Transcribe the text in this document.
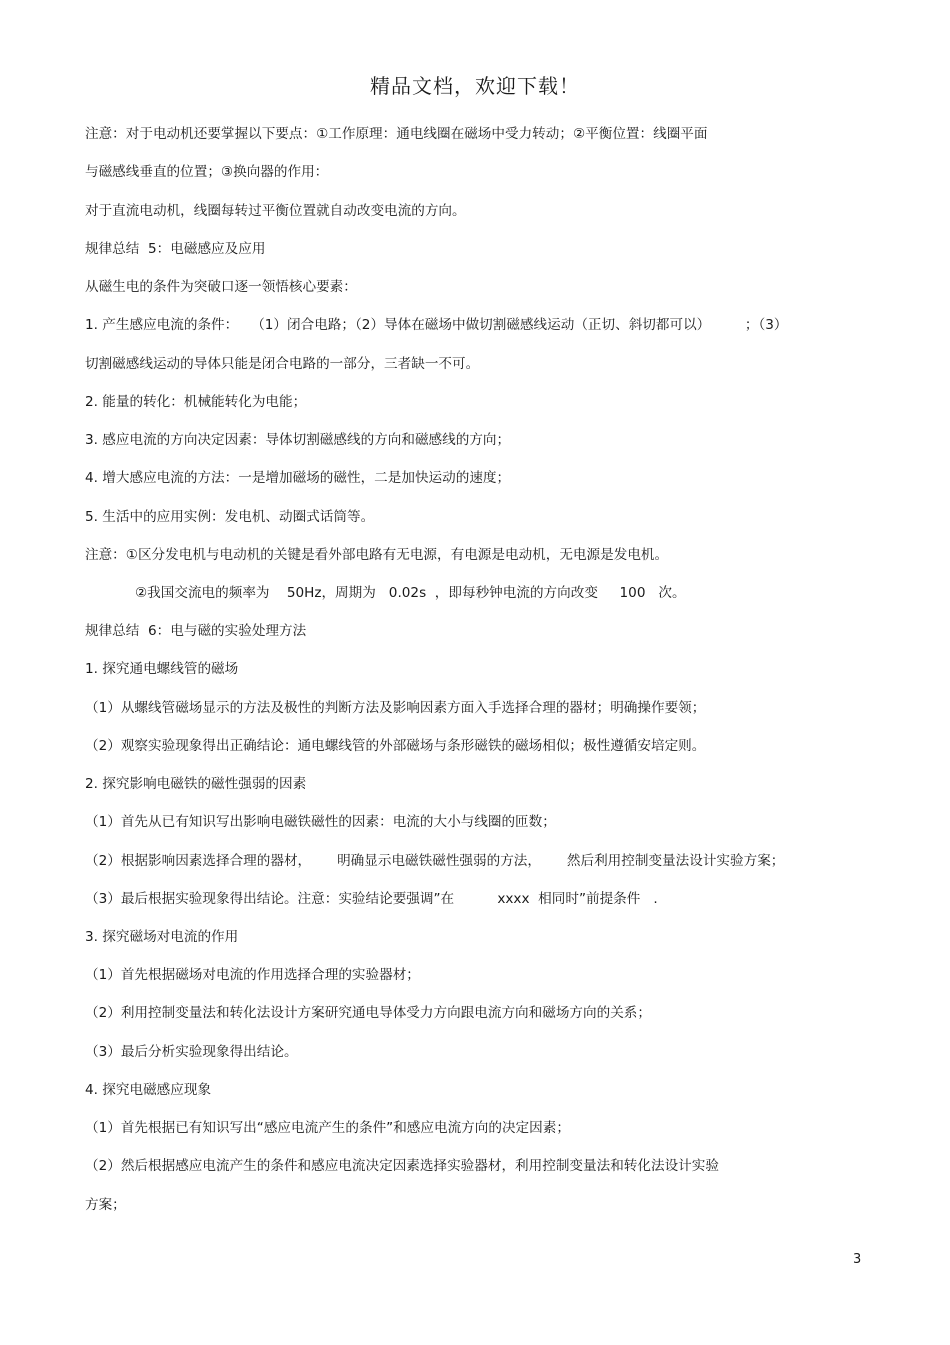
精品文档，欢迎下载！
注意：对于电动机还要掌握以下要点：①工作原理：通电线圈在磁场中受力转动；②平衡位置：线圈平面
与磁感线垂直的位置；③换向器的作用：
对于直流电动机，线圈每转过平衡位置就自动改变电流的方向。
规律总结  5：电磁感应及应用
从磁生电的条件为突破口逐一领悟核心要素：
1. 产生感应电流的条件：   （1）闭合电路；（2）导体在磁场中做切割磁感线运动（正切、斜切都可以）        ；（3）
切割磁感线运动的导体只能是闭合电路的一部分，三者缺一不可。
2. 能量的转化：机械能转化为电能；
3. 感应电流的方向决定因素：导体切割磁感线的方向和磁感线的方向；
4. 增大感应电流的方法：一是增加磁场的磁性，二是加快运动的速度；
5. 生活中的应用实例：发电机、动圈式话筒等。
注意：①区分发电机与电动机的关键是看外部电路有无电源，有电源是电动机，无电源是发电机。
②我国交流电的频率为    50Hz，周期为   0.02s  ，即每秒钟电流的方向改变     100   次。
规律总结  6：电与磁的实验处理方法
1. 探究通电螺线管的磁场
（1）从螺线管磁场显示的方法及极性的判断方法及影响因素方面入手选择合理的器材；明确操作要领；
（2）观察实验现象得出正确结论：通电螺线管的外部磁场与条形磁铁的磁场相似；极性遵循安培定则。
2. 探究影响电磁铁的磁性强弱的因素
（1）首先从已有知识写出影响电磁铁磁性的因素：电流的大小与线圈的匝数；
（2）根据影响因素选择合理的器材，      明确显示电磁铁磁性强弱的方法，      然后利用控制变量法设计实验方案；
（3）最后根据实验现象得出结论。注意：实验结论要强调”在          xxxx  相同时”前提条件   .
3. 探究磁场对电流的作用
（1）首先根据磁场对电流的作用选择合理的实验器材；
（2）利用控制变量法和转化法设计方案研究通电导体受力方向跟电流方向和磁场方向的关系；
（3）最后分析实验现象得出结论。
4. 探究电磁感应现象
（1）首先根据已有知识写出“感应电流产生的条件”和感应电流方向的决定因素；
（2）然后根据感应电流产生的条件和感应电流决定因素选择实验器材，利用控制变量法和转化法设计实验
方案；
3
